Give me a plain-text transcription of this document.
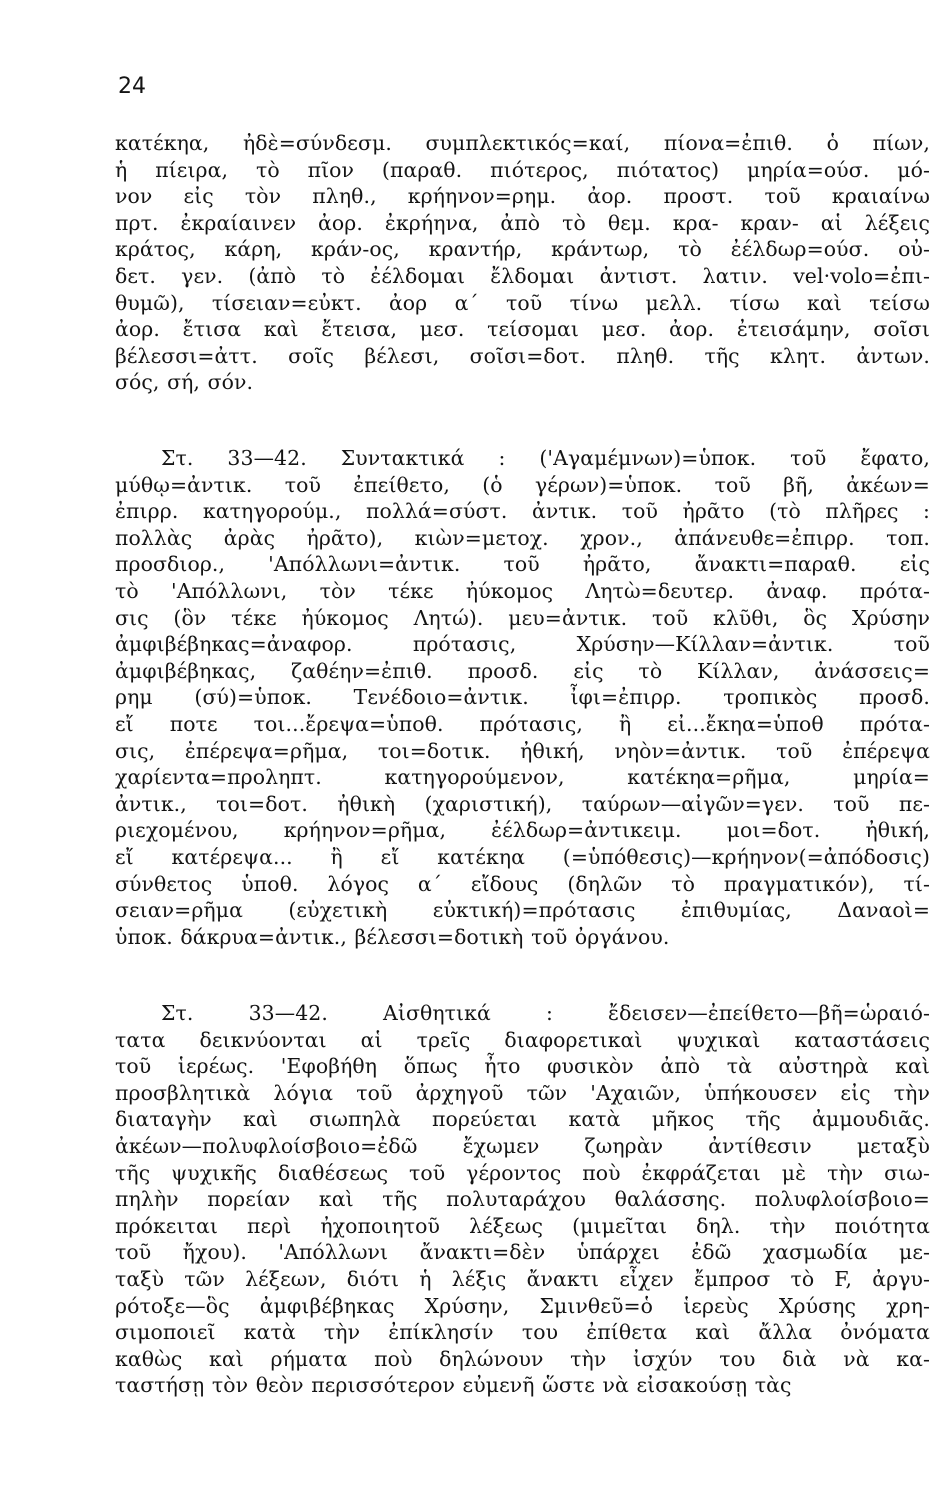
24
κατέκηα, ἠδὲ=σύνδεσμ. συμπλεκτικός=καί, πίονα=ἐπιθ. ὁ πίων,
ἡ πίειρα, τὸ πῖον (παραθ. πιότερος, πιότατος) μηρία=ούσ. μό-
νον εἰς τὸν πληθ., κρήηνον=ρημ. ἀορ. προστ. τοῦ κραιαίνω
πρτ. ἐκραίαινεν ἀορ. ἐκρήηνα, ἀπὸ τὸ θεμ. κρα- κραν- αἱ λέξεις
κράτος, κάρη, κράν-ος, κραντήρ, κράντωρ, τὸ ἐέλδωρ=ούσ. οὐ-
δετ. γεν. (ἀπὸ τὸ ἐέλδομαι ἔλδομαι ἀντιστ. λατιν. vel·volo=ἐπι-
θυμῶ), τίσειαν=εὐκτ. ἀορ α΄ τοῦ τίνω μελλ. τίσω καὶ τείσω
ἀορ. ἔτισα καὶ ἔτεισα, μεσ. τείσομαι μεσ. ἀορ. ἐτεισάμην, σοῖσι
βέλεσσι=ἀττ. σοῖς βέλεσι, σοῖσι=δοτ. πληθ. τῆς κλητ. ἀντων.
σός, σή, σόν.
Στ. 33—42. Συντακτικά : ('Αγαμέμνων)=ὑποκ. τοῦ ἔφατο,
μύθῳ=ἀντικ. τοῦ ἐπείθετο, (ὁ γέρων)=ὑποκ. τοῦ βῆ, ἀκέων=
ἐπιρρ. κατηγορούμ., πολλά=σύστ. ἀντικ. τοῦ ἠρᾶτο (τὸ πλῆρες :
πολλὰς ἀρὰς ἠρᾶτο), κιὼν=μετοχ. χρον., ἀπάνευθε=ἐπιρρ. τοπ.
προσδιορ., 'Απόλλωνι=ἀντικ. τοῦ ἠρᾶτο, ἄνακτι=παραθ. εἰς
τὸ 'Απόλλωνι, τὸν τέκε ἠύκομος Λητὼ=δευτερ. ἀναφ. πρότα-
σις (ὃν τέκε ἠύκομος Λητώ). μευ=ἀντικ. τοῦ κλῦθι, ὃς Χρύσην
ἀμφιβέβηκας=ἀναφορ. πρότασις, Χρύσην—Κίλλαν=ἀντικ. τοῦ
ἀμφιβέβηκας, ζαθέην=ἐπιθ. προσδ. εἰς τὸ Κίλλαν, ἀνάσσεις=
ρημ (σύ)=ὑποκ. Τενέδοιο=ἀντικ. ἶφι=ἐπιρρ. τροπικὸς προσδ.
εἴ ποτε τοι...ἔρεψα=ὑποθ. πρότασις, ἢ εἰ...ἔκηα=ὑποθ πρότα-
σις, ἐπέρεψα=ρῆμα, τοι=δοτικ. ἠθική, νηὸν=ἀντικ. τοῦ ἐπέρεψα
χαρίεντα=προληπτ. κατηγορούμενον, κατέκηα=ρῆμα, μηρία=
ἀντικ., τοι=δοτ. ἠθικὴ (χαριστική), ταύρων—αἰγῶν=γεν. τοῦ πε-
ριεχομένου, κρήηνον=ρῆμα, ἐέλδωρ=ἀντικειμ. μοι=δοτ. ἠθική,
εἴ κατέρεψα... ἢ εἴ κατέκηα (=ὑπόθεσις)—κρήηνον(=ἀπόδοσις)
σύνθετος ὑποθ. λόγος α΄ εἴδους (δηλῶν τὸ πραγματικόν), τί-
σειαν=ρῆμα (εὐχετικὴ εὐκτική)=πρότασις ἐπιθυμίας, Δαναοὶ=
ὑποκ. δάκρυα=ἀντικ., βέλεσσι=δοτικὴ τοῦ ὀργάνου.
Στ. 33—42. Αἰσθητικά : ἔδεισεν—ἐπείθετο—βῆ=ὡραιό-
τατα δεικνύονται αἱ τρεῖς διαφορετικαὶ ψυχικαὶ καταστάσεις
τοῦ ἱερέως. 'Εφοβήθη ὅπως ἦτο φυσικὸν ἀπὸ τὰ αὐστηρὰ καὶ
προσβλητικὰ λόγια τοῦ ἀρχηγοῦ τῶν 'Αχαιῶν, ὑπήκουσεν εἰς τὴν
διαταγὴν καὶ σιωπηλὰ πορεύεται κατὰ μῆκος τῆς ἀμμουδιᾶς.
ἀκέων—πολυφλοίσβοιο=ἐδῶ ἔχωμεν ζωηρὰν ἀντίθεσιν μεταξὺ
τῆς ψυχικῆς διαθέσεως τοῦ γέροντος ποὺ ἐκφράζεται μὲ τὴν σιω-
πηλὴν πορείαν καὶ τῆς πολυταράχου θαλάσσης. πολυφλοίσβοιο=
πρόκειται περὶ ἠχοποιητοῦ λέξεως (μιμεῖται δηλ. τὴν ποιότητα
τοῦ ἤχου). 'Απόλλωνι ἄνακτι=δὲν ὑπάρχει ἐδῶ χασμωδία με-
ταξὺ τῶν λέξεων, διότι ἡ λέξις ἄνακτι εἶχεν ἔμπροσ τὸ F, ἀργυ-
ρότοξε—ὃς ἀμφιβέβηκας Χρύσην, Σμινθεῦ=ὁ ἱερεὺς Χρύσης χρη-
σιμοποιεῖ κατὰ τὴν ἐπίκλησίν του ἐπίθετα καὶ ἄλλα ὀνόματα
καθὼς καὶ ρήματα ποὺ δηλώνουν τὴν ἰσχύν του διὰ νὰ κα-
ταστήσῃ τὸν θεὸν περισσότερον εὐμενῆ ὥστε νὰ εἰσακούσῃ τὰς
